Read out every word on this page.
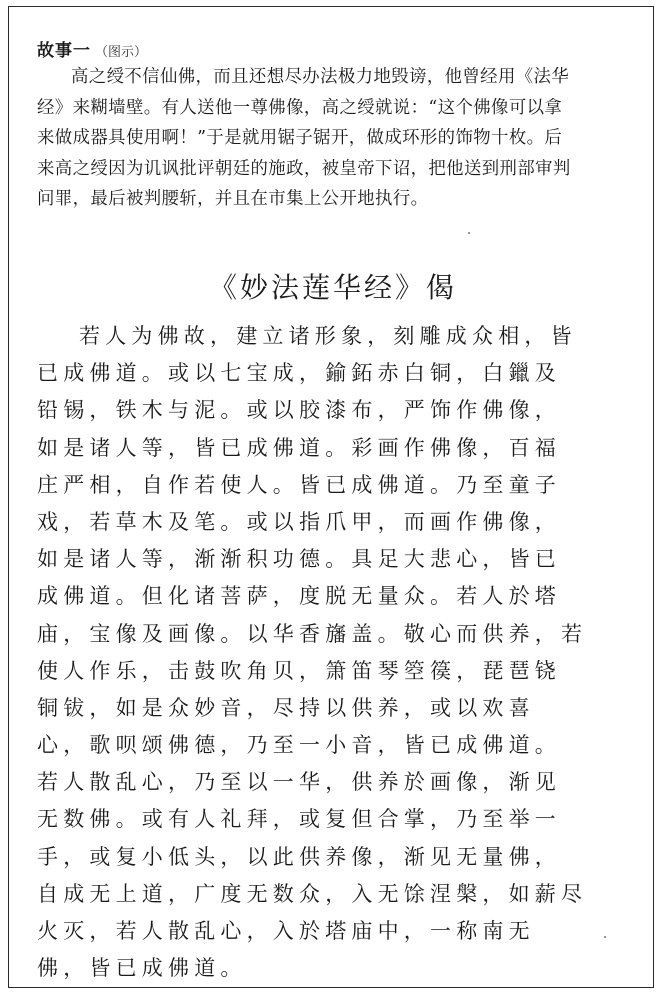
故事一 （图示）
高之绶不信仙佛，而且还想尽办法极力地毁谤，他曾经用《法华
经》来糊墙壁。有人送他一尊佛像，高之绶就说：“这个佛像可以拿
来做成器具使用啊！”于是就用锯子锯开，做成环形的饰物十枚。后
来高之绶因为讥讽批评朝廷的施政，被皇帝下诏，把他送到刑部审判
问罪，最后被判腰斩，并且在市集上公开地执行。
《妙法莲华经》偈
若人为佛故，建立诸形象，刻雕成众相，皆
已成佛道。或以七宝成，鍮鉐赤白铜，白鑞及
铅锡，铁木与泥。或以胶漆布，严饰作佛像，
如是诸人等，皆已成佛道。彩画作佛像，百福
庄严相，自作若使人。皆已成佛道。乃至童子
戏，若草木及笔。或以指爪甲，而画作佛像，
如是诸人等，渐渐积功德。具足大悲心，皆已
成佛道。但化诸菩萨，度脱无量众。若人於塔
庙，宝像及画像。以华香旛盖。敬心而供养，若
使人作乐，击鼓吹角贝，箫笛琴箜篌，琵琶铙
铜钹，如是众妙音，尽持以供养，或以欢喜
心，歌呗颂佛德，乃至一小音，皆已成佛道。
若人散乱心，乃至以一华，供养於画像，渐见
无数佛。或有人礼拜，或复但合掌，乃至举一
手，或复小低头，以此供养像，渐见无量佛，
自成无上道，广度无数众，入无馀涅槃，如薪尽
火灭，若人散乱心，入於塔庙中，一称南无
佛，皆已成佛道。
